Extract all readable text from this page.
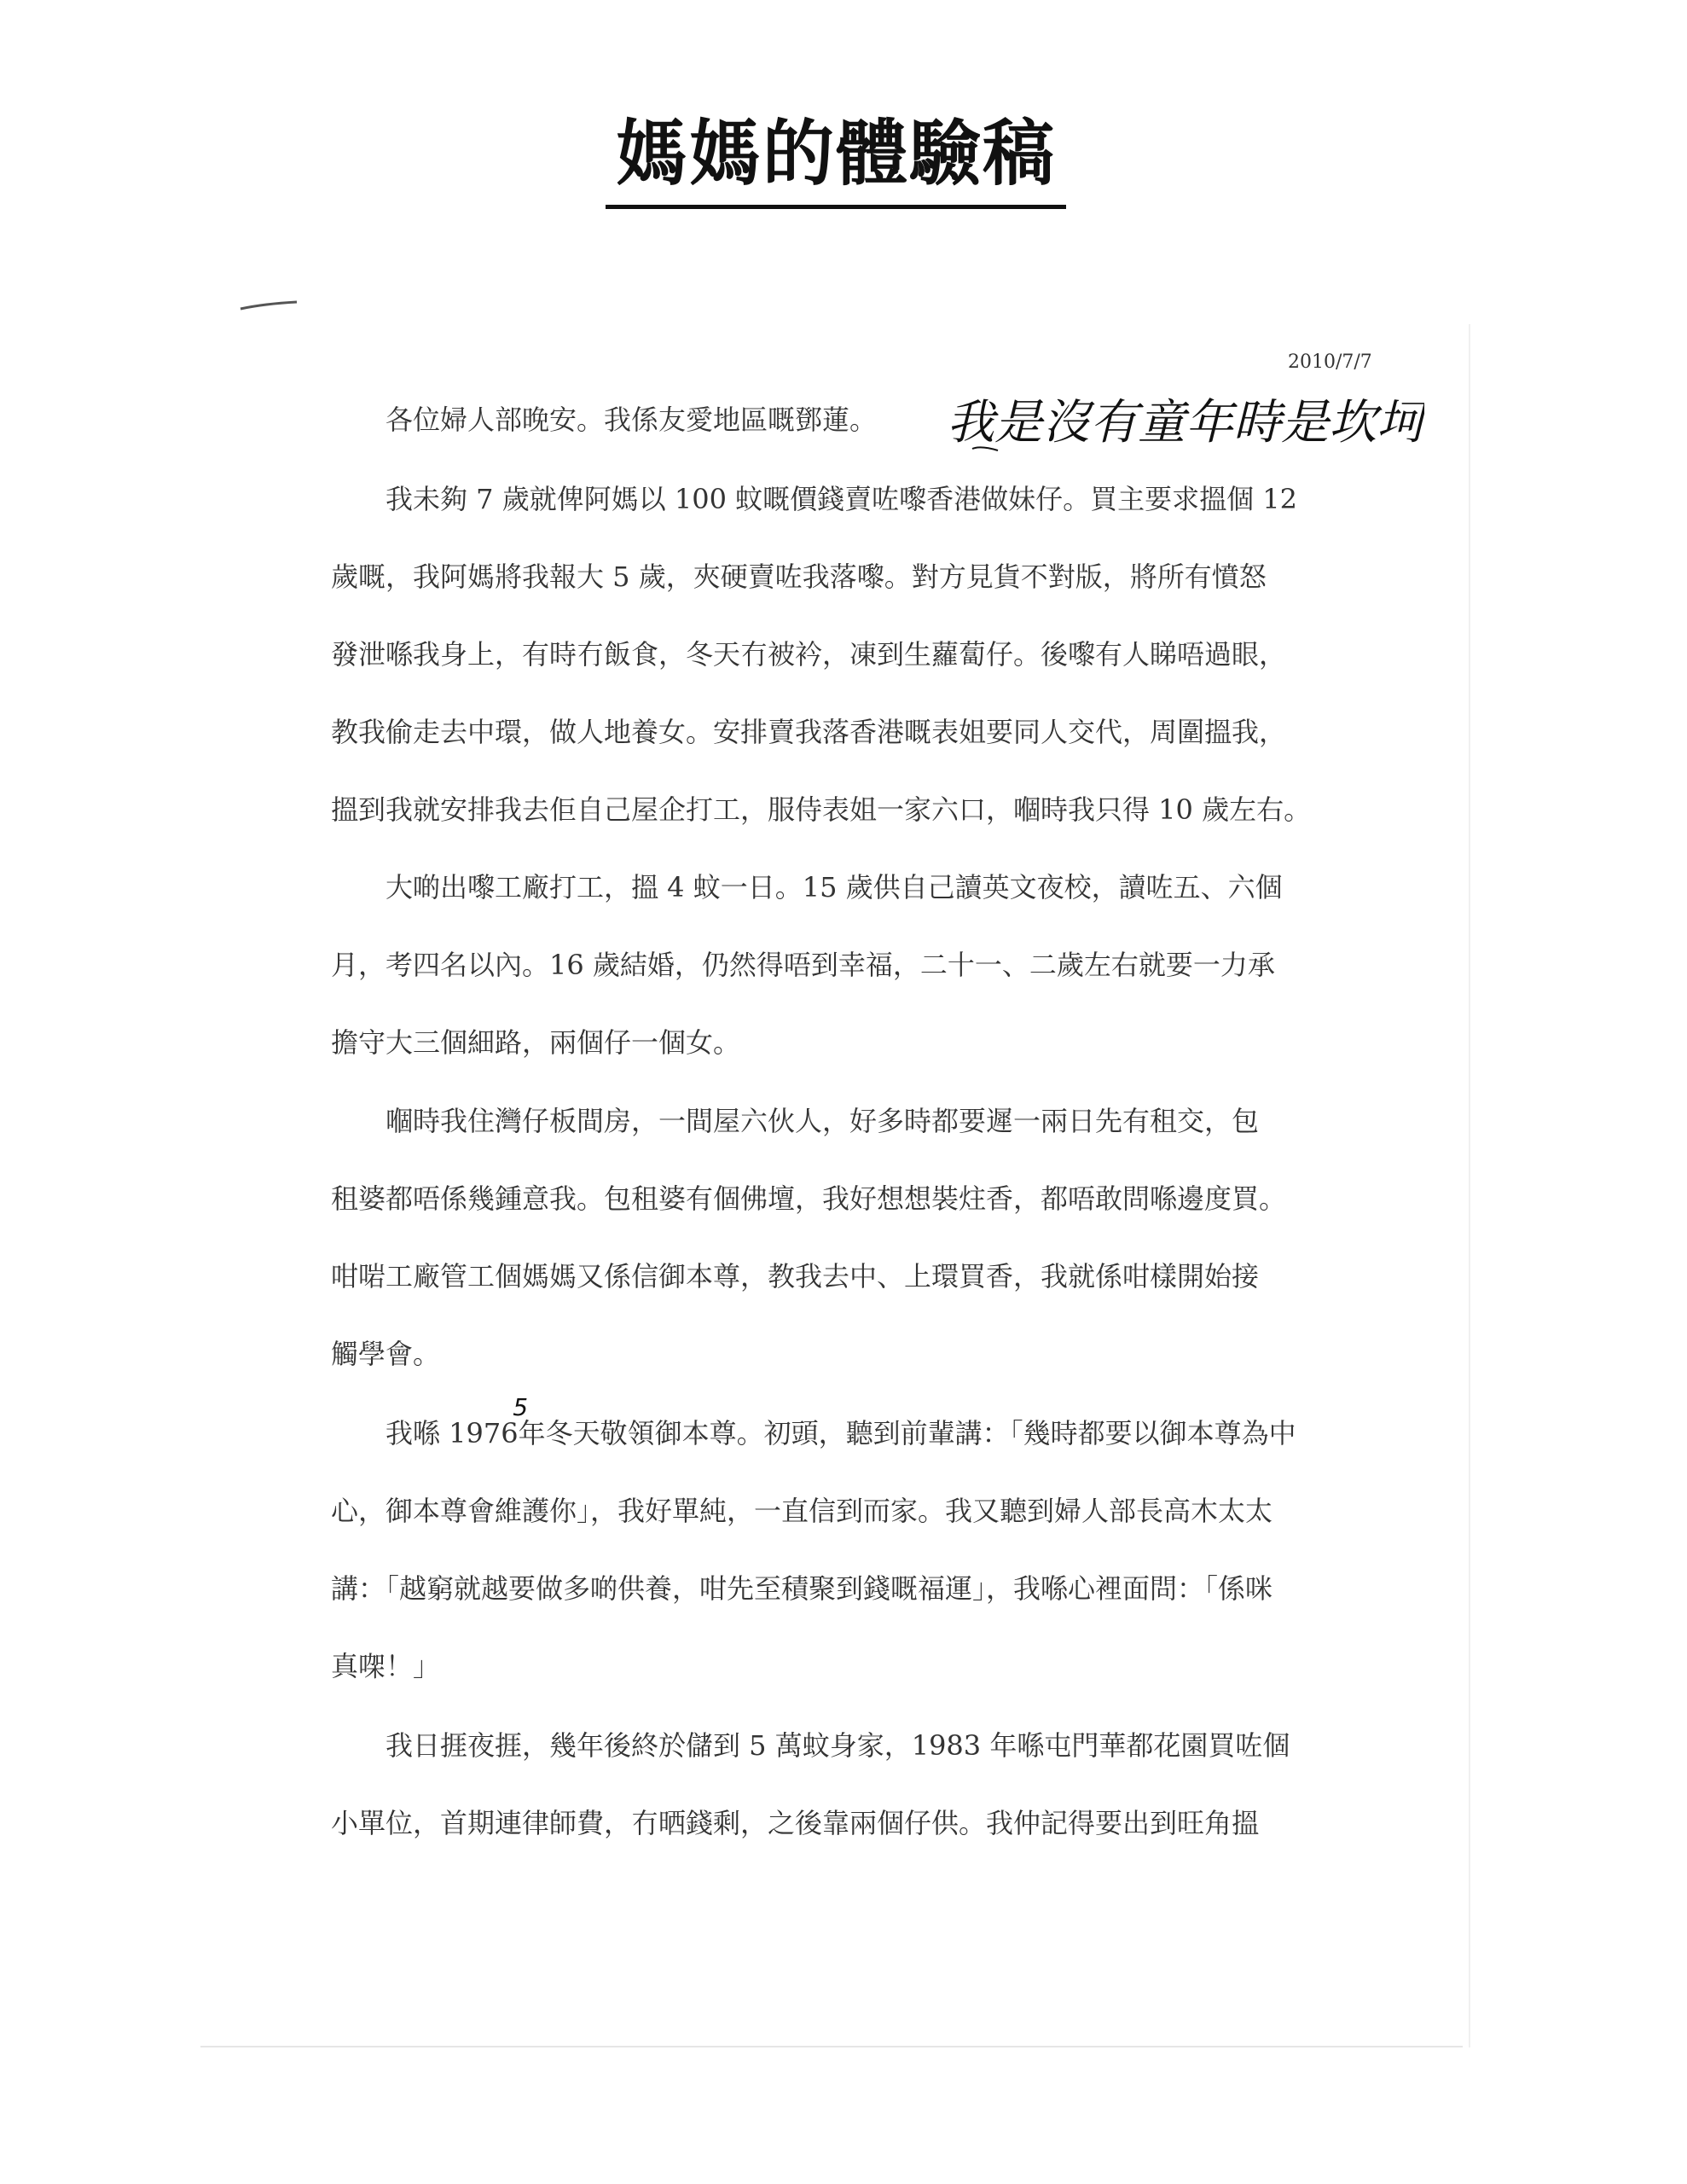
媽媽的體驗稿
2010/7/7
各位婦人部晚安。我係友愛地區嘅鄧蓮。 我是沒有童年時是坎坷
我未夠 7 歲就俾阿媽以 100 蚊嘅價錢賣咗嚟香港做妹仔。買主要求搵個 12
歲嘅，我阿媽將我報大 5 歲，夾硬賣咗我落嚟。對方見貨不對版，將所有憤怒
發泄喺我身上，有時冇飯食，冬天冇被衿，凍到生蘿蔔仔。後嚟有人睇唔過眼，
教我偷走去中環，做人地養女。安排賣我落香港嘅表姐要同人交代，周圍搵我，
搵到我就安排我去佢自己屋企打工，服侍表姐一家六口，嗰時我只得 10 歲左右。
大啲出嚟工廠打工，搵 4 蚊一日。15 歲供自己讀英文夜校，讀咗五、六個
月，考四名以內。16 歲結婚，仍然得唔到幸福，二十一、二歲左右就要一力承
擔守大三個細路，兩個仔一個女。
嗰時我住灣仔板間房，一間屋六伙人，好多時都要遲一兩日先有租交，包
租婆都唔係幾鍾意我。包租婆有個佛壇，我好想想裝炷香，都唔敢問喺邊度買。
咁啱工廠管工個媽媽又係信御本尊，教我去中、上環買香，我就係咁樣開始接
觸學會。
我喺 1976
5
年冬天敬領御本尊。初頭，聽到前輩講：「幾時都要以御本尊為中
心，御本尊會維護你」，我好單純，一直信到而家。我又聽到婦人部長高木太太
講：「越窮就越要做多啲供養，咁先至積聚到錢嘅福運」，我喺心裡面問：「係咪
真㗎！」
我日捱夜捱，幾年後終於儲到 5 萬蚊身家，1983 年喺屯門華都花園買咗個
小單位，首期連律師費，冇晒錢剩，之後靠兩個仔供。我仲記得要出到旺角搵
